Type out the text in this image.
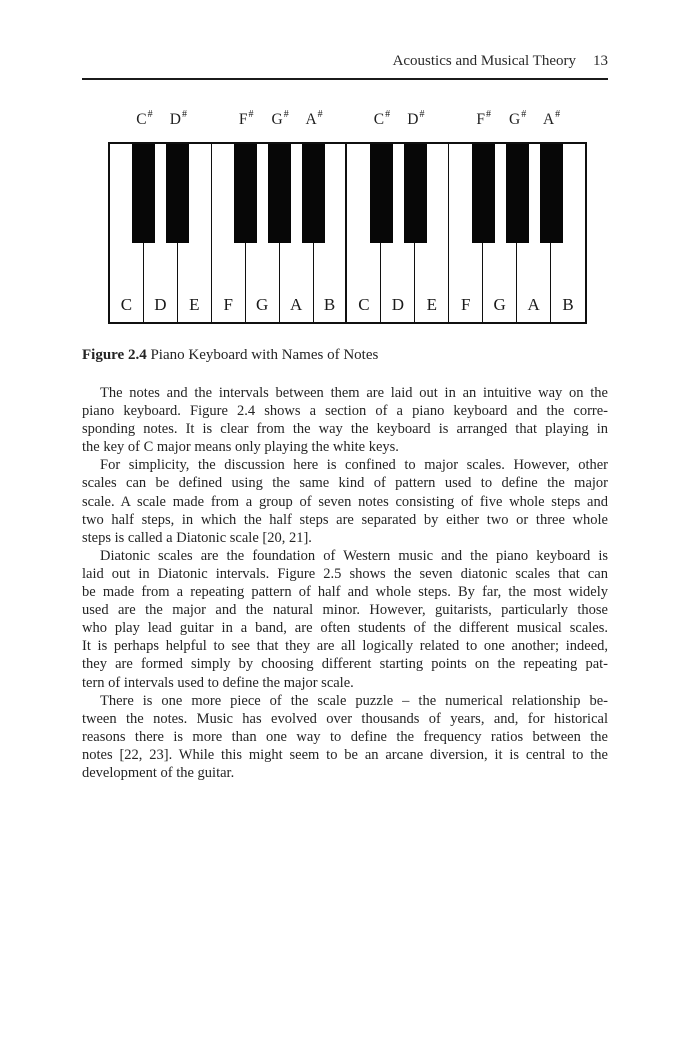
Acoustics and Musical Theory 13
C# D#	F# G# A#	C# D#	F# G# A#
C	D	E	F	G	A	B	C	D	E	F	G	A	B
Figure 2.4 Piano Keyboard with Names of Notes
The notes and the intervals between them are laid out in an intuitive way on the
piano keyboard. Figure 2.4 shows a section of a piano keyboard and the corre-
sponding notes. It is clear from the way the keyboard is arranged that playing in
the key of C major means only playing the white keys.
For simplicity, the discussion here is confined to major scales. However, other
scales can be defined using the same kind of pattern used to define the major
scale. A scale made from a group of seven notes consisting of five whole steps and
two half steps, in which the half steps are separated by either two or three whole
steps is called a Diatonic scale [20, 21].
Diatonic scales are the foundation of Western music and the piano keyboard is
laid out in Diatonic intervals. Figure 2.5 shows the seven diatonic scales that can
be made from a repeating pattern of half and whole steps. By far, the most widely
used are the major and the natural minor. However, guitarists, particularly those
who play lead guitar in a band, are often students of the different musical scales.
It is perhaps helpful to see that they are all logically related to one another; indeed,
they are formed simply by choosing different starting points on the repeating pat-
tern of intervals used to define the major scale.
There is one more piece of the scale puzzle – the numerical relationship be-
tween the notes. Music has evolved over thousands of years, and, for historical
reasons there is more than one way to define the frequency ratios between the
notes [22, 23]. While this might seem to be an arcane diversion, it is central to the
development of the guitar.
